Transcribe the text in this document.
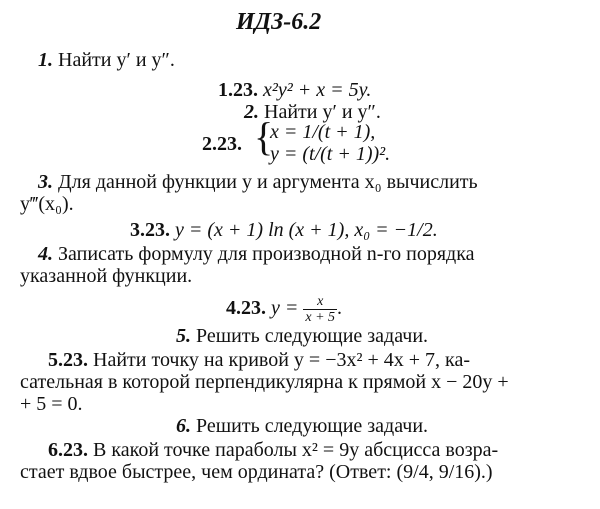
ИДЗ-6.2
1. Найти y′ и y″.
1.23. x²y² + x = 5y.
2. Найти y′ и y″.
2.23. {
x = 1/(t + 1),
y = (t/(t + 1))².
3. Для данной функции y и аргумента x₀ вычислить
y‴(x₀).
3.23. y = (x + 1) ln (x + 1), x₀ = −1/2.
4. Записать формулу для производной n-го порядка
указанной функции.
4.23. $y = \frac{x}{x + 5}$ .
5. Решить следующие задачи.
5.23. Найти точку на кривой y = −3x² + 4x + 7, ка-
сательная в которой перпендикулярна к прямой x − 20y +
+ 5 = 0.
6. Решить следующие задачи.
6.23. В какой точке параболы x² = 9y абсцисса возра-
стает вдвое быстрее, чем ордината? (Ответ: (9/4, 9/16).)
